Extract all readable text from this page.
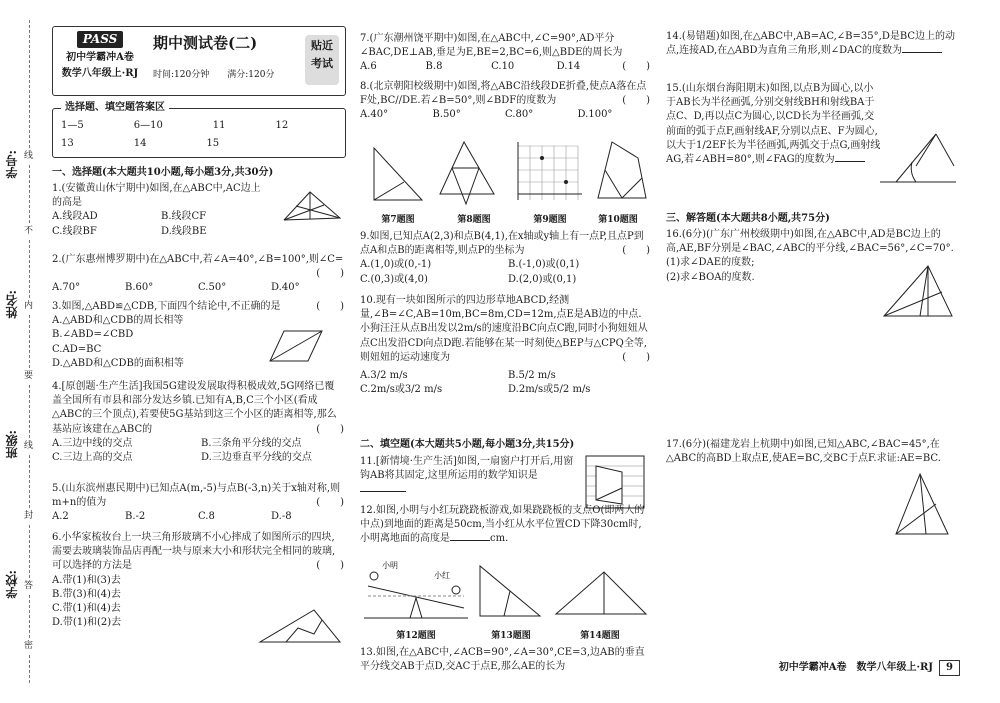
学号:
姓名:
班级:
学校:
线
不
内
要
线
封
答
密
PASS
初中学霸冲A卷
数学八年级上·RJ
期中测试卷(二)
时间:120分钟　　 满分:120分
贴近
考试
选择题、填空题答案区
1—5　　　　　6—10　　　　　11　　　　　12
13　　　　　　14　　　　　　15
一、选择题(本大题共10小题,每小题3分,共30分)

1.(安徽黄山休宁期中)如图,在△ABC中,AC边上的高是

A.线段AD	B.线段CF
C.线段BF	D.线段BE

2.(广东惠州博罗期中)在△ABC中,若∠A=40°,∠B=100°,则∠C=

(　　)

A.70°	B.60°	C.50°	D.40°

3.如图,△ABD≌△CDB,下面四个结论中,不正确的是	(　　)

A.△ABD和△CDB的周长相等

B.∠ABD=∠CBD

C.AD=BC

D.△ABD和△CDB的面积相等

4.[原创题·生产生活]我国5G建设发展取得积极成效,5G网络已覆盖全国所有市县和部分发达乡镇.已知有A,B,C三个小区(看成△ABC的三个顶点),若要使5G基站到这三个小区的距离相等,那么基站应该建在△ABC的	(　　)

A.三边中线的交点	B.三条角平分线的交点
C.三边上高的交点	D.三边垂直平分线的交点

5.(山东滨州惠民期中)已知点A(m,-5)与点B(-3,n)关于x轴对称,则m+n的值为	(　　)

A.2	B.-2	C.8	D.-8

6.小华家梳妆台上一块三角形玻璃不小心摔成了如图所示的四块,需要去玻璃装饰品店再配一块与原来大小和形状完全相同的玻璃,可以选择的方法是	(　　)

A.带(1)和(3)去

B.带(3)和(4)去

C.带(1)和(4)去

D.带(1)和(2)去

7.(广东潮州饶平期中)如图,在△ABC中,∠C=90°,AD平分∠BAC,DE⊥AB,垂足为E,BE=2,BC=6,则△BDE的周长为
(　　)

A.6	B.8	C.10	D.14

8.(北京朝阳校级期中)如图,将△ABC沿线段DE折叠,使点A落在点F处,BC//DE.若∠B=50°,则∠BDF的度数为	(　　)

A.40°	B.50°	C.80°	D.100°
第7题图	第8题图	第9题图	第10题图

9.如图,已知点A(2,3)和点B(4,1),在x轴或y轴上有一点P,且点P到点A和点B的距离相等,则点P的坐标为	(　　)

A.(1,0)或(0,-1)	B.(-1,0)或(0,1)
C.(0,3)或(4,0)	D.(2,0)或(0,1)

10.现有一块如图所示的四边形草地ABCD,经测量,∠B=∠C,AB=10m,BC=8m,CD=12m,点E是AB边的中点.小狗汪汪从点B出发以2m/s的速度沿BC向点C跑,同时小狗妞妞从点C出发沿CD向点D跑.若能够在某一时刻使△BEP与△CPQ全等,则妞妞的运动速度为	(　　)

A.3/2 m/s	B.5/2 m/s
C.2m/s或3/2 m/s	D.2m/s或5/2 m/s
二、填空题(本大题共5小题,每小题3分,共15分)

11.[新情境·生产生活]如图,一扇窗户打开后,用窗钩AB将其固定,这里所运用的数学知识是

12.如图,小明与小红玩跷跷板游戏,如果跷跷板的支点O(即两人的中点)到地面的距离是50cm,当小红从水平位置CD下降30cm时,小明离地面的高度是	cm.

小明
小红
第12题图	第13题图	第14题图

13.如图,在△ABC中,∠ACB=90°,∠A=30°,CE=3,边AB的垂直平分线交AB于点D,交AC于点E,那么AE的长为

14.(易错题)如图,在△ABC中,AB=AC,∠B=35°,D是BC边上的动点,连接AD,在△ABD为直角三角形,则∠DAC的度数为

15.(山东烟台海阳期末)如图,以点B为圆心,以小于AB长为半径画弧,分别交射线BH和射线BA于点C、D,再以点C为圆心,以CD长为半径画弧,交前面的弧于点F,画射线AF,分别以点E、F为圆心,以大于1/2EF长为半径画弧,两弧交于点G,画射线AG,若∠ABH=80°,则∠FAG的度数为

三、解答题(本大题共8小题,共75分)

16.(6分)(广东广州校级期中)如图,在△ABC中,AD是BC边上的高,AE,BF分别是∠BAC,∠ABC的平分线,∠BAC=56°,∠C=70°.

(1)求∠DAE的度数;

(2)求∠BOA的度数.

17.(6分)(福建龙岩上杭期中)如图,已知△ABC,∠BAC=45°,在△ABC的高BD上取点E,使AE=BC,交BC于点F.求证:AE=BC.

初中学霸冲A卷　数学八年级上·RJ 9
